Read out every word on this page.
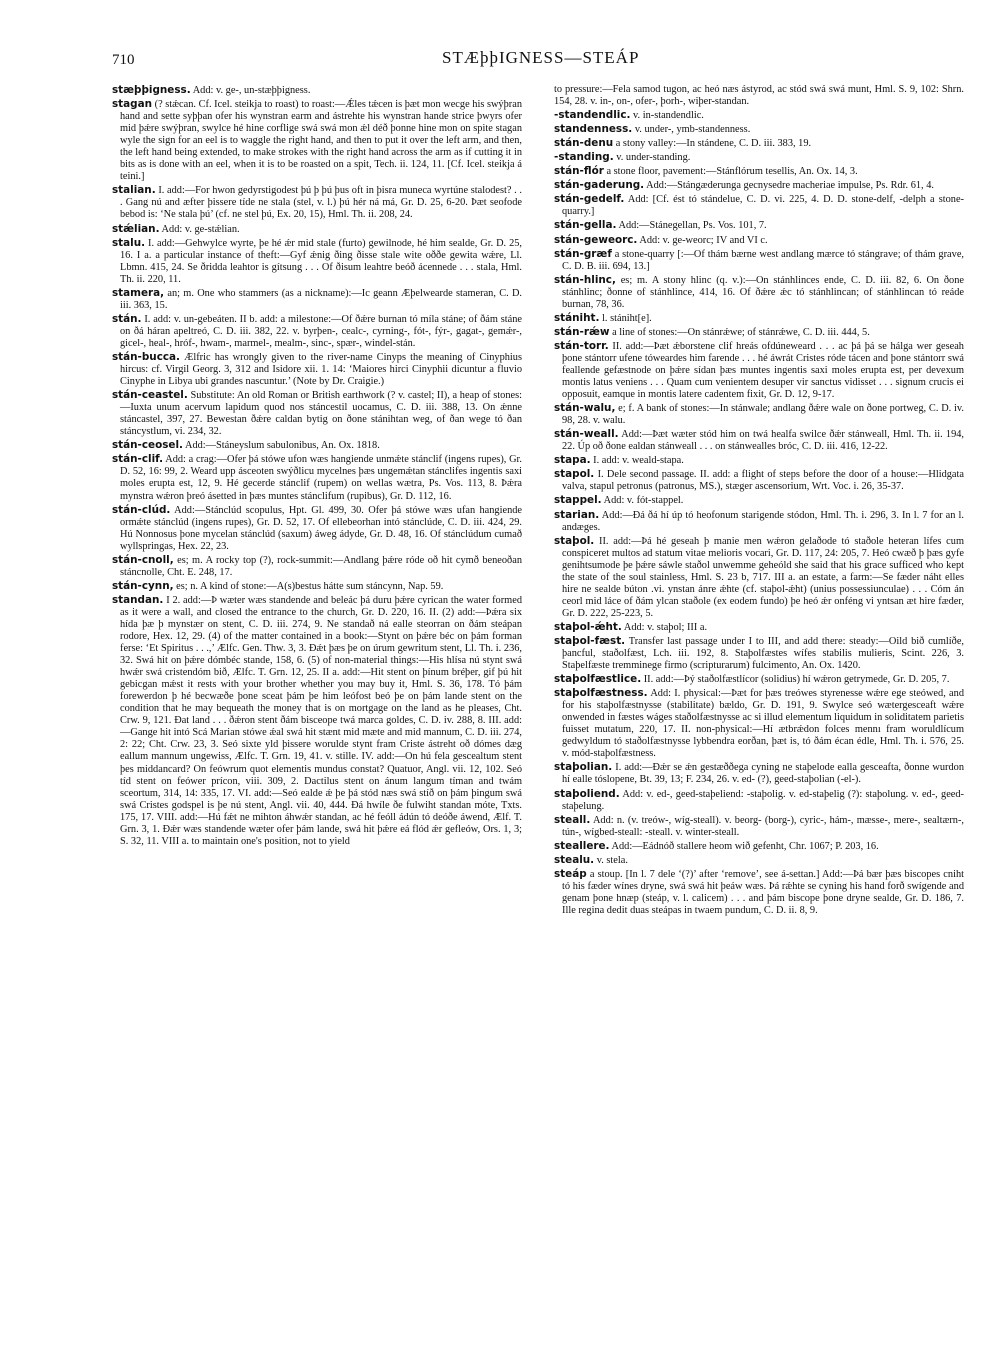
710	STÆþþIGNESS—STEÁP
stæþþigness. Add: v. ge-, un-stæþþigness.
stagan (? stǽcan. Cf. Icel. steikja to roast) to roast:—Ǽles tǽcen is þæt mon wecge his swýþran hand and sette syþþan ofer his wynstran earm and ástrehte his wynstran hande strice þwyrs ofer mid þǽre swýþran, swylce hé hine corflige swá swá mon ǽl déð þonne hine mon on spite stagan wyle the sign for an eel is to waggle the right hand, and then to put it over the left arm, and then, the left hand being extended, to make strokes with the right hand across the arm as if cutting it in bits as is done with an eel, when it is to be roasted on a spit, Tech. ii. 124, 11. [Cf. Icel. steikja á teini.]
stalian. I. add:—For hwon gedyrstigodest þú þ þú þus oft in þisra muneca wyrtúne stalodest? . . . Gang nú and æfter þissere tíde ne stala (stel, v. l.) þú hér ná má, Gr. D. 25, 6-20. Þæt seofode bebod is: ‘Ne stala þú’ (cf. ne stel þú, Ex. 20, 15), Hml. Th. ii. 208, 24.
stǽlian. Add: v. ge-stǽlian.
stalu. I. add:—Gehwylce wyrte, þe hé ǽr mid stale (furto) gewilnode, hé him sealde, Gr. D. 25, 16. I a. a particular instance of theft:—Gyf ǽnig ðing ðisse stale wite oððe gewita wǽre, Ll. Lbmn. 415, 24. Se ðridda leahtor is gítsung . . . Of ðisum leahtre beóð ácennede . . . stala, Hml. Th. ii. 220, 11.
stamera, an; m. One who stammers (as a nickname):—Ic geann Æþelwearde stameran, C. D. iii. 363, 15.
stán. I. add: v. un-gebeáten. II b. add: a milestone:—Of ðǽre burnan tó míla stáne; of ðám stáne on ðá háran apeltreó, C. D. iii. 382, 22. v. byrþen-, cealc-, cyrning-, fót-, fýr-, gagat-, gemǽr-, gicel-, heal-, hróf-, hwam-, marmel-, mealm-, sinc-, spær-, windel-stán.
stán-bucca. Ælfric has wrongly given to the river-name Cinyps the meaning of Cinyphius hircus: cf. Virgil Georg. 3, 312 and Isidore xii. 1. 14: ‘Maiores hirci Cinyphii dicuntur a fluvio Cinyphe in Libya ubi grandes nascuntur.’ (Note by Dr. Craigie.)
stán-ceastel. Substitute: An old Roman or British earthwork (? v. castel; II), a heap of stones:—Iuxta unum acervum lapidum quod nos stáncestil uocamus, C. D. iii. 388, 13. On ǽnne stáncastel, 397, 27. Bewestan ðǽre caldan bytig on ðone stánihtan weg, of ðan wege tó ðan stáncystlum, vi. 234, 32.
stán-ceosel. Add:—Stáneyslum sabulonibus, An. Ox. 1818.
stán-clif. Add: a crag:—Ofer þá stówe ufon wæs hangiende unmǽte stánclif (ingens rupes), Gr. D. 52, 16: 99, 2. Weard upp ásceoten swýðlicu mycelnes þæs ungemǽtan stánclifes ingentis saxi moles erupta est, 12, 9. Hé gecerde stánclif (rupem) on wellas wætra, Ps. Vos. 113, 8. Þǽra mynstra wǽron þreó ásetted in þæs muntes stánclifum (rupibus), Gr. D. 112, 16.
stán-clúd. Add:—Stánclúd scopulus, Hpt. Gl. 499, 30. Ofer þá stówe wæs ufan hangiende ormǽte stánclúd (ingens rupes), Gr. D. 52, 17. Of ellebeorhan intó stánclúde, C. D. iii. 424, 29. Hú Nonnosus þone mycelan stánclúd (saxum) áweg ádyde, Gr. D. 48, 16. Of stánclúdum cumað wyllspringas, Hex. 22, 23.
stán-cnoll, es; m. A rocky top (?), rock-summit:—Andlang þǽre róde oð hit cymð beneoðan stáncnolle, Cht. E. 248, 17.
stán-cynn, es; n. A kind of stone:—A(s)bestus hátte sum stáncynn, Nap. 59.
standan. I 2. add:—Þ wæter wæs standende and beleác þá duru þǽre cyrican the water formed as it were a wall, and closed the entrance to the church, Gr. D. 220, 16. II. (2) add:—Þǽra six hída þæ þ mynstær on stent, C. D. iii. 274, 9. Ne standað ná ealle steorran on ðám steápan rodore, Hex. 12, 29. (4) of the matter contained in a book:—Stynt on þǽre béc on þám forman ferse: ‘Et Spiritus . . .,’ Ælfc. Gen. Thw. 3, 3. Ðǽt þæs þe on úrum gewritum stent, Ll. Th. i. 236, 32. Swá hit on þǽre dómbéc stande, 158, 6. (5) of non-material things:—His hlísa nú stynt swá hwǽr swá cristendóm bið, Ælfc. T. Grn. 12, 25. II a. add:—Hit stent on þínum bréþer, gif þú hit gebicgan mǽst it rests with your brother whether you may buy it, Hml. S. 36, 178. Tó þám forewerdon þ hé becwæðe þone sceat þám þe him leófost beó þe on þám lande stent on the condition that he may bequeath the money that is on mortgage on the land as he pleases, Cht. Crw. 9, 121. Ðat land . . . ðǽron stent ðám bisceope twá marca goldes, C. D. iv. 288, 8. III. add:—Gange hit intó Scá Marian stówe ǽal swá hit stænt mid mæte and mid mannum, C. D. iii. 274, 2: 22; Cht. Crw. 23, 3. Seó sixte yld þissere worulde stynt fram Criste ástreht oð dómes dæg eallum mannum ungewiss, Ælfc. T. Grn. 19, 41. v. stille. IV. add:—On hú fela gescealtum stent þes middancard? On feówrum quot elementis mundus constat? Quatuor, Angl. vii. 12, 102. Seó tíd stent on feówer prícon, viii. 309, 2. Dactilus stent on ánum langum tíman and twám sceortum, 314, 14: 335, 17. VI. add:—Seó ealde ǽ þe þá stód næs swá stíð on þám þingum swá swá Cristes godspel is þe nú stent, Angl. vii. 40, 444. Ðá hwíle ðe fulwiht standan móte, Txts. 175, 17. VIII. add:—Hú fǽt ne mihton áhwǽr standan, ac hé feóll ádún tó deóðe áwend, Ælf. T. Grn. 3, 1. Ðǽr wæs standende wæter ofer þám lande, swá hit þǽre eá flód ǽr geflеów, Ors. 1, 3; S. 32, 11. VIII a. to maintain one's position, not to yield
to pressure:—Fela samod tugon, ac heó næs ástyrod, ac stód swá swá munt, Hml. S. 9, 102: Shrn. 154, 28. v. in-, on-, ofer-, þorh-, wiþer-standan.
-standendlic. v. in-standendlic.
standenness. v. under-, ymb-standenness.
stán-denu a stony valley:—In stándene, C. D. iii. 383, 19.
-standing. v. under-standing.
stán-flór a stone floor, pavement:—Stánflórum tesellis, An. Ox. 14, 3.
stán-gaderung. Add:—Stángæderunga gecnysedre macheriae impulse, Ps. Rdr. 61, 4.
stán-gedelf. Add: [Cf. ést tó stándelue, C. D. vi. 225, 4. D. D. stone-delf, -delph a stone-quarry.]
stán-gella. Add:—Stánegellan, Ps. Vos. 101, 7.
stán-geweorc. Add: v. ge-weorc; IV and VI c.
stán-græf a stone-quarry [:—Of thám bærne west andlang mærce tó stángrave; of thám grave, C. D. B. iii. 694, 13.]
stán-hlinc, es; m. A stony hlinc (q. v.):—On stánhlinces ende, C. D. iii. 82, 6. On ðone stánhlinc; ðonne of stánhlince, 414, 16. Of ðǽre ǽc tó stánhlincan; of stánhlincan tó reáde burnan, 78, 36.
stániht. l. stániht[e].
stán-rǽw a line of stones:—On stánrǽwe; of stánrǽwe, C. D. iii. 444, 5.
stán-torr. II. add:—Þæt ǽborstene clif hreás ofdúneweard . . . ac þá þá se hálga wer geseah þone stántorr ufene tóweardes him farende . . . hé áwrát Cristes róde tácen and þone stántorr swá feallende gefæstnode on þǽre sídan þæs muntes ingentis saxi moles erupta est, per devexum montis latus veniens . . . Quam cum venientem desuper vir sanctus vidisset . . . signum crucis ei opposuit, eamque in montis latere cadentem fixit, Gr. D. 12, 9-17.
stán-walu, e; f. A bank of stones:—In stánwale; andlang ðǽre wale on ðone portweg, C. D. iv. 98, 28. v. walu.
stán-weall. Add:—Þæt wæter stód him on twá healfa swilce ðǽr stánweall, Hml. Th. ii. 194, 22. Úp oð ðone ealdan stánweall . . . on stánwealles bróc, C. D. iii. 416, 12-22.
stapa. I. add: v. weald-stapa.
stapol. I. Dele second passage. II. add: a flight of steps before the door of a house:—Hlidgata valva, stapul petronus (patronus, MS.), stæger ascensorium, Wrt. Voc. i. 26, 35-37.
stappel. Add: v. fót-stappel.
starian. Add:—Ðá ðá hí úp tó heofonum starigende stódon, Hml. Th. i. 296, 3. In l. 7 for an l. andæges.
staþol. II. add:—Þá hé geseah þ manie men wǽron gelaðode tó staðole heteran lífes cum conspiceret multos ad statum vitae melioris vocari, Gr. D. 117, 24: 205, 7. Heó cwæð þ þæs gyfe genihtsumode þe þǽre sáwle staðol unwemme geheóld she said that his grace sufficed who kept the state of the soul stainless, Hml. S. 23 b, 717. III a. an estate, a farm:—Se fæder náht elles hire ne sealde búton .vi. ynstan ánre ǽhte (cf. staþol-ǽht) (unius possessiunculae) . . . Cóm án ceorl mid láce of ðám ylcan staðole (ex eodem fundo) þe heó ǽr onféng vi yntsan æt hire fæder, Gr. D. 222, 25-223, 5.
staþol-ǽht. Add: v. staþol; III a.
staþol-fæst. Transfer last passage under I to III, and add there: steady:—Oild bið cumlíðe, þancful, staðolfæst, Lch. iii. 192, 8. Staþolfæstes wífes stabilis mulieris, Scint. 226, 3. Staþelfæste tremminege firmo (scripturarum) fulcimento, An. Ox. 1420.
staþolfæstlice. II. add:—Þý staðolfæstlícor (solidius) hí wǽron getrymede, Gr. D. 205, 7.
staþolfæstness. Add: I. physical:—Þæt for þæs treówes styrenesse wǽre ege steówed, and for his staþolfæstnysse (stabilitate) bældo, Gr. D. 191, 9. Swylce seó wætergesceaft wǽre onwended in fæstes wáges staðolfæstnysse ac si illud elementum liquidum in soliditatem parietis fuisset mutatum, 220, 17. II. non-physical:—Hí ætbrǽdon folces mennı fram woruldlícum gedwyldum tó staðolfæstnysse lybbendra eorðan, þæt is, tó ðám écan édle, Hml. Th. i. 576, 25. v. mód-staþolfæstness.
staþolian. I. add:—Ðǽr se ǽn gestæððega cyning ne staþelode ealla gesceafta, ðonne wurdon hí ealle tóslopene, Bt. 39, 13; F. 234, 26. v. ed- (?), geed-staþolian (-el-).
staþoliend. Add: v. ed-, geed-staþeliend: -staþolig. v. ed-staþelig (?): staþolung. v. ed-, geed-staþelung.
steall. Add: n. (v. treów-, wíg-steall). v. beorg- (borg-), cyric-, hám-, mæsse-, mere-, sealtærn-, tún-, wígbed-steall: -steall. v. winter-steall.
steallere. Add:—Eádnóð stallere heom wið gefenht, Chr. 1067; P. 203, 16.
stealu. v. stela.
steáp a stoup. [In l. 7 dele ‘(?)’ after ‘remove’, see á-settan.] Add:—Þá bær þæs biscopes cniht tó his fæder wínes dryne, swá swá hit þeáw wæs. Þá rǽhte se cyning his hand forð swígende and genam þone hnæp (steáp, v. l. calicem) . . . and þám biscope þone dryne sealde, Gr. D. 186, 7. Ille regina dedit duas steápas in twaem pundum, C. D. ii. 8, 9.
